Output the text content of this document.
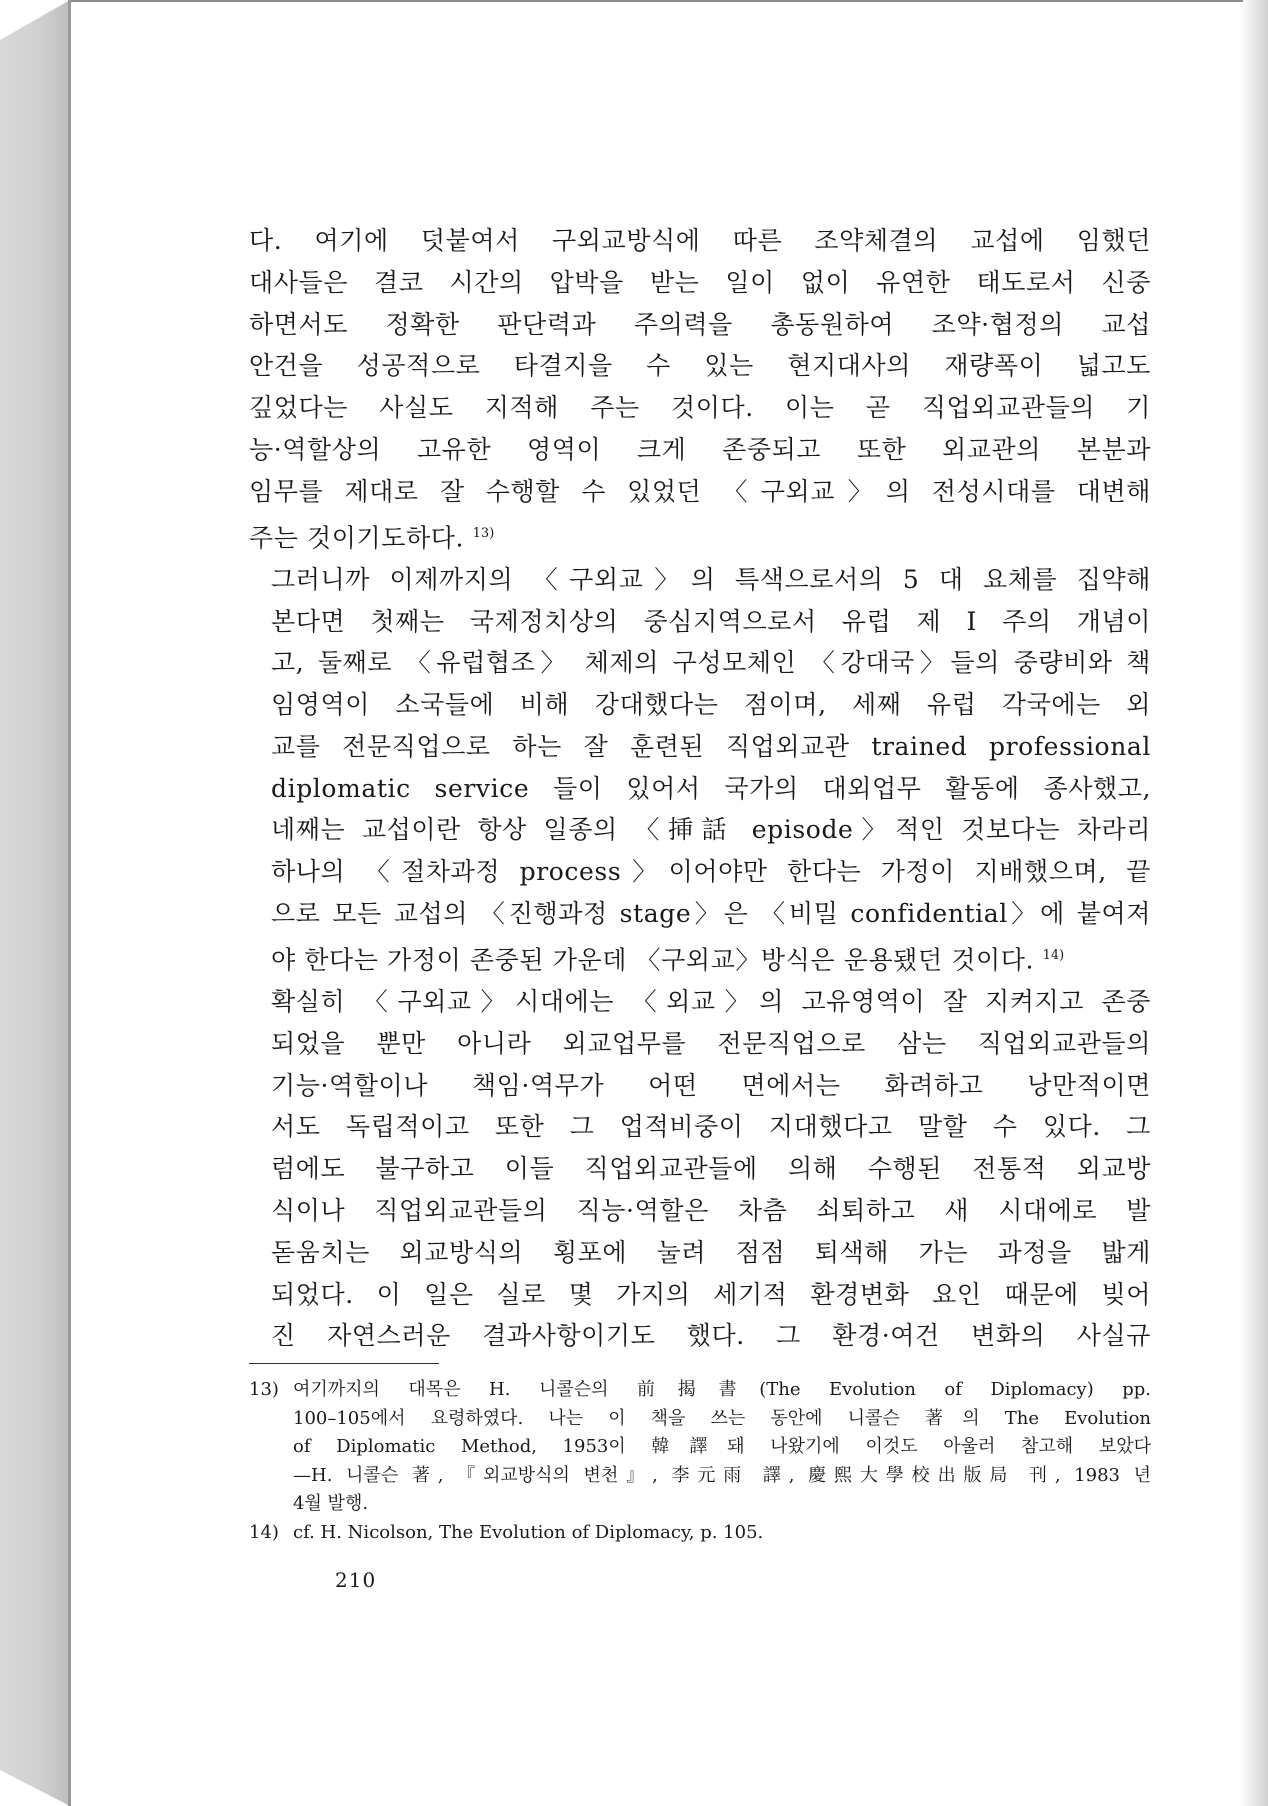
다. 여기에 덧붙여서 구외교방식에 따른 조약체결의 교섭에 임했던
대사들은 결코 시간의 압박을 받는 일이 없이 유연한 태도로서 신중
하면서도 정확한 판단력과 주의력을 총동원하여 조약·협정의 교섭
안건을 성공적으로 타결지을 수 있는 현지대사의 재량폭이 넓고도
깊었다는 사실도 지적해 주는 것이다. 이는 곧 직업외교관들의 기
능·역할상의 고유한 영역이 크게 존중되고 또한 외교관의 본분과
임무를 제대로 잘 수행할 수 있었던 〈구외교〉의 전성시대를 대변해
주는 것이기도하다. $^{13)}$
그러니까 이제까지의 〈구외교〉의 특색으로서의 5 대 요체를 집약해
본다면 첫째는 국제정치상의 중심지역으로서 유럽 제 I 주의 개념이
고, 둘째로 〈유럽협조〉 체제의 구성모체인 〈강대국〉들의 중량비와 책
임영역이 소국들에 비해 강대했다는 점이며, 세째 유럽 각국에는 외
교를 전문직업으로 하는 잘 훈련된 직업외교관 trained professional
diplomatic service 들이 있어서 국가의 대외업무 활동에 종사했고,
네째는 교섭이란 항상 일종의 〈挿話 episode〉적인 것보다는 차라리
하나의 〈절차과정 process〉이어야만 한다는 가정이 지배했으며, 끝
으로 모든 교섭의 〈진행과정 stage〉은 〈비밀 confidential〉에 붙여져
야 한다는 가정이 존중된 가운데 〈구외교〉방식은 운용됐던 것이다. $^{14)}$
확실히 〈구외교〉시대에는 〈외교〉의 고유영역이 잘 지켜지고 존중
되었을 뿐만 아니라 외교업무를 전문직업으로 삼는 직업외교관들의
기능·역할이나 책임·역무가 어떤 면에서는 화려하고 낭만적이면
서도 독립적이고 또한 그 업적비중이 지대했다고 말할 수 있다. 그
럼에도 불구하고 이들 직업외교관들에 의해 수행된 전통적 외교방
식이나 직업외교관들의 직능·역할은 차츰 쇠퇴하고 새 시대에로 발
돋움치는 외교방식의 횡포에 눌려 점점 퇴색해 가는 과정을 밟게
되었다. 이 일은 실로 몇 가지의 세기적 환경변화 요인 때문에 빚어
진 자연스러운 결과사항이기도 했다. 그 환경·여건 변화의 사실규
13) 여기까지의 대목은 H. 니콜슨의 前揭書(The Evolution of Diplomacy) pp.
100–105에서 요령하였다. 나는 이 책을 쓰는 동안에 니콜슨 著의 The Evolution
of Diplomatic Method, 1953이 韓譯돼 나왔기에 이것도 아울러 참고해 보았다
—H. 니콜슨 著, 『외교방식의 변천』, 李元雨 譯, 慶熙大學校出版局 刊, 1983 년
4월 발행.
14) cf. H. Nicolson, The Evolution of Diplomacy, p. 105.
210
